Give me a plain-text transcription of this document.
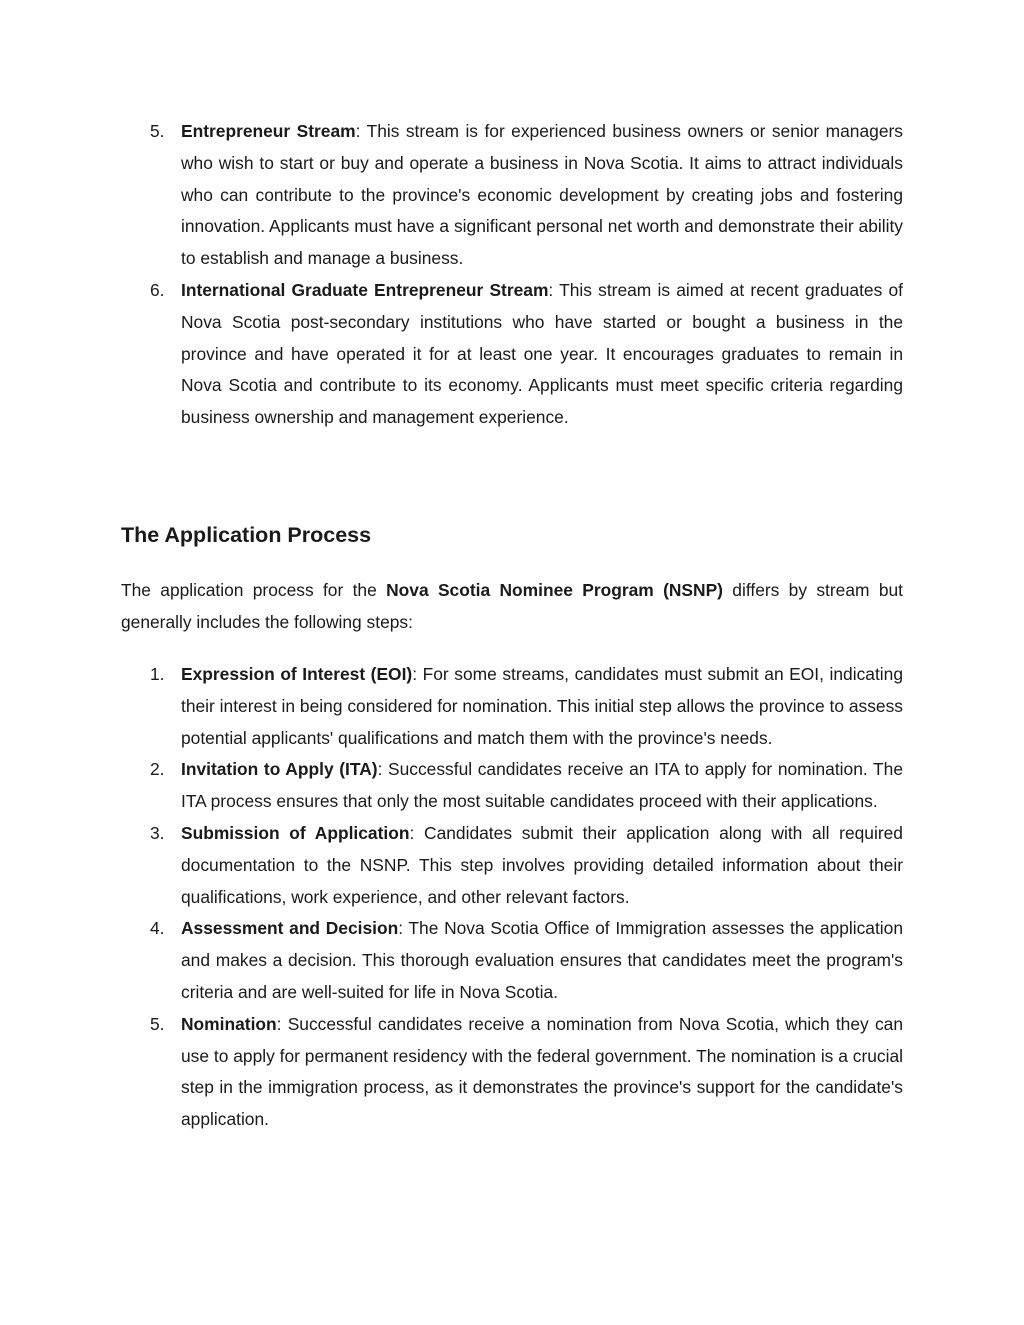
5. Entrepreneur Stream: This stream is for experienced business owners or senior managers who wish to start or buy and operate a business in Nova Scotia. It aims to attract individuals who can contribute to the province's economic development by creating jobs and fostering innovation. Applicants must have a significant personal net worth and demonstrate their ability to establish and manage a business.
6. International Graduate Entrepreneur Stream: This stream is aimed at recent graduates of Nova Scotia post-secondary institutions who have started or bought a business in the province and have operated it for at least one year. It encourages graduates to remain in Nova Scotia and contribute to its economy. Applicants must meet specific criteria regarding business ownership and management experience.
The Application Process

The application process for the Nova Scotia Nominee Program (NSNP) differs by stream but generally includes the following steps:

1. Expression of Interest (EOI): For some streams, candidates must submit an EOI, indicating their interest in being considered for nomination. This initial step allows the province to assess potential applicants' qualifications and match them with the province's needs.
2. Invitation to Apply (ITA): Successful candidates receive an ITA to apply for nomination. The ITA process ensures that only the most suitable candidates proceed with their applications.
3. Submission of Application: Candidates submit their application along with all required documentation to the NSNP. This step involves providing detailed information about their qualifications, work experience, and other relevant factors.
4. Assessment and Decision: The Nova Scotia Office of Immigration assesses the application and makes a decision. This thorough evaluation ensures that candidates meet the program's criteria and are well-suited for life in Nova Scotia.
5. Nomination: Successful candidates receive a nomination from Nova Scotia, which they can use to apply for permanent residency with the federal government. The nomination is a crucial step in the immigration process, as it demonstrates the province's support for the candidate's application.
